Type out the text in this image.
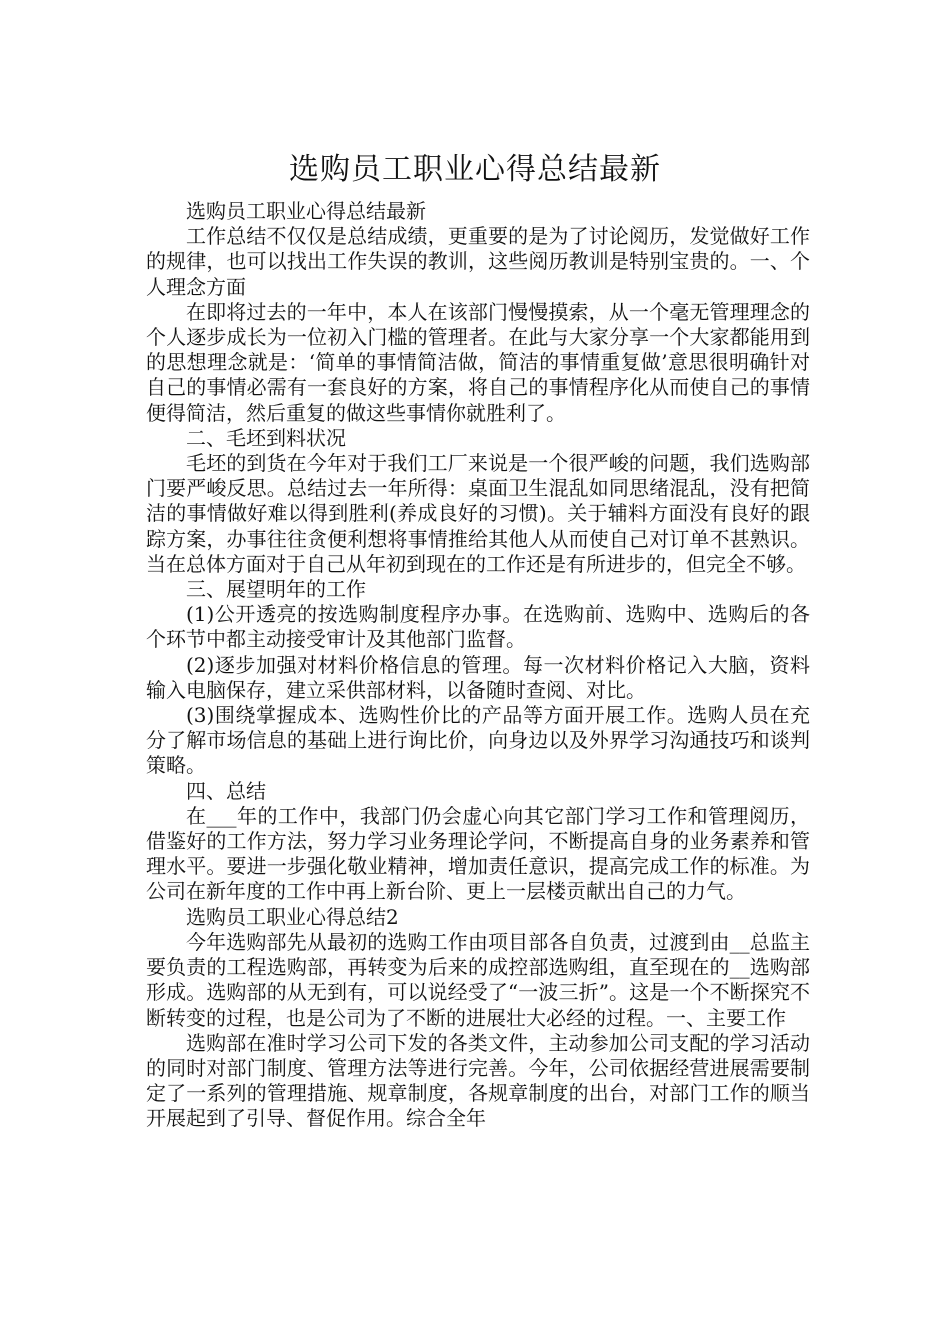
选购员工职业心得总结最新

选购员工职业心得总结最新

工作总结不仅仅是总结成绩，更重要的是为了讨论阅历，发觉做好工作的规律，也可以找出工作失误的教训，这些阅历教训是特别宝贵的。一、个人理念方面

在即将过去的一年中，本人在该部门慢慢摸索，从一个毫无管理理念的个人逐步成长为一位初入门槛的管理者。在此与大家分享一个大家都能用到的思想理念就是：‘简单的事情简洁做，简洁的事情重复做’意思很明确针对自己的事情必需有一套良好的方案，将自己的事情程序化从而使自己的事情便得简洁，然后重复的做这些事情你就胜利了。

二、毛坯到料状况

毛坯的到货在今年对于我们工厂来说是一个很严峻的问题，我们选购部门要严峻反思。总结过去一年所得：桌面卫生混乱如同思绪混乱，没有把简洁的事情做好难以得到胜利(养成良好的习惯)。关于辅料方面没有良好的跟踪方案，办事往往贪便利想将事情推给其他人从而使自己对订单不甚熟识。当在总体方面对于自己从年初到现在的工作还是有所进步的，但完全不够。

三、展望明年的工作

(1)公开透亮的按选购制度程序办事。在选购前、选购中、选购后的各个环节中都主动接受审计及其他部门监督。

(2)逐步加强对材料价格信息的管理。每一次材料价格记入大脑，资料输入电脑保存，建立采供部材料，以备随时查阅、对比。

(3)围绕掌握成本、选购性价比的产品等方面开展工作。选购人员在充分了解市场信息的基础上进行询比价，向身边以及外界学习沟通技巧和谈判策略。

四、总结

在___年的工作中，我部门仍会虚心向其它部门学习工作和管理阅历，借鉴好的工作方法，努力学习业务理论学问，不断提高自身的业务素养和管理水平。要进一步强化敬业精神，增加责任意识，提高完成工作的标准。为公司在新年度的工作中再上新台阶、更上一层楼贡献出自己的力气。

选购员工职业心得总结2

今年选购部先从最初的选购工作由项目部各自负责，过渡到由__总监主要负责的工程选购部，再转变为后来的成控部选购组，直至现在的__选购部形成。选购部的从无到有，可以说经受了“一波三折”。这是一个不断探究不断转变的过程，也是公司为了不断的进展壮大必经的过程。一、主要工作

选购部在准时学习公司下发的各类文件，主动参加公司支配的学习活动的同时对部门制度、管理方法等进行完善。今年，公司依据经营进展需要制定了一系列的管理措施、规章制度，各规章制度的出台，对部门工作的顺当开展起到了引导、督促作用。综合全年
